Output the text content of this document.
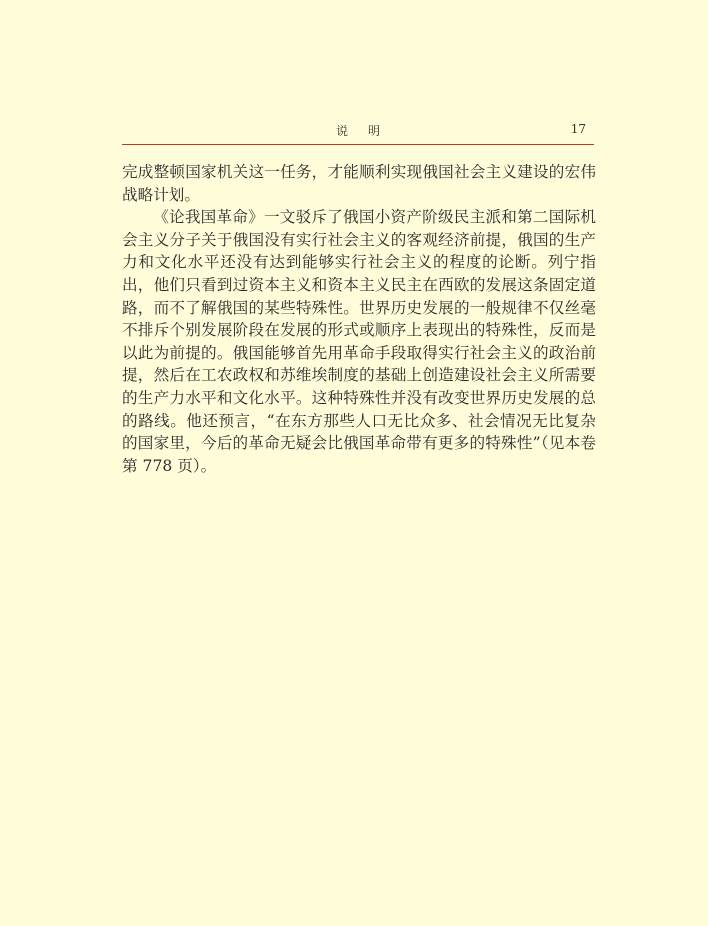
说明	17

完成整顿国家机关这一任务，才能顺利实现俄国社会主义建设的宏伟战略计划。

《论我国革命》一文驳斥了俄国小资产阶级民主派和第二国际机会主义分子关于俄国没有实行社会主义的客观经济前提，俄国的生产力和文化水平还没有达到能够实行社会主义的程度的论断。列宁指出，他们只看到过资本主义和资本主义民主在西欧的发展这条固定道路，而不了解俄国的某些特殊性。世界历史发展的一般规律不仅丝毫不排斥个别发展阶段在发展的形式或顺序上表现出的特殊性，反而是以此为前提的。俄国能够首先用革命手段取得实行社会主义的政治前提，然后在工农政权和苏维埃制度的基础上创造建设社会主义所需要的生产力水平和文化水平。这种特殊性并没有改变世界历史发展的总的路线。他还预言，“在东方那些人口无比众多、社会情况无比复杂的国家里，今后的革命无疑会比俄国革命带有更多的特殊性”（见本卷第 778 页）。
